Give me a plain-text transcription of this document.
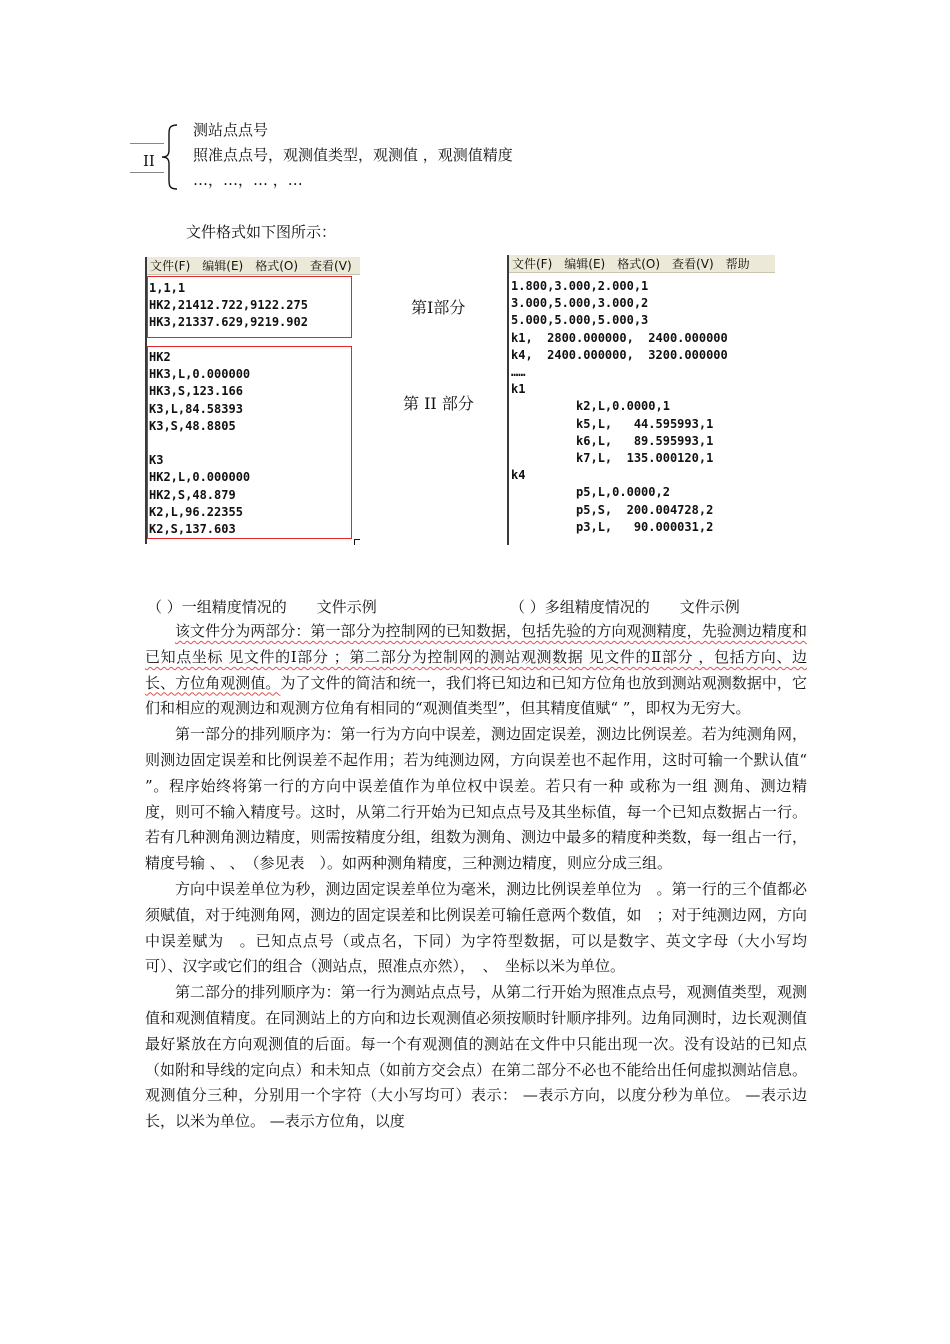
II
测站点点号
照准点点号，观测值类型，观测值 ，观测值精度
…，…，… ，…
文件格式如下图所示：
文件(F) 编辑(E) 格式(O) 查看(V)
1,1,1
HK2,21412.722,9122.275
HK3,21337.629,9219.902
HK2
HK3,L,0.000000
HK3,S,123.166
K3,L,84.58393
K3,S,48.8805

K3
HK2,L,0.000000
HK2,S,48.879
K2,L,96.22355
K2,S,137.603
第Ⅰ部分
第 II 部分
文件(F) 编辑(E) 格式(O) 查看(V) 帮助
1.800,3.000,2.000,1
3.000,5.000,3.000,2
5.000,5.000,5.000,3
k1,  2800.000000,  2400.000000
k4,  2400.000000,  3200.000000
……
k1
k2,L,0.0000,1
k5,L,   44.595993,1
k6,L,   89.595993,1
k7,L,  135.000120,1
k4
p5,L,0.0000,2
p5,S,  200.004728,2
p3,L,   90.000031,2
（ ）一组精度情况的　　文件示例	（ ）多组精度情况的　　文件示例

该文件分为两部分：第一部分为控制网的已知数据，包括先验的方向观测精度，先验测边精度和已知点坐标 见文件的Ⅰ部分 ；第二部分为控制网的测站观测数据 见文件的Ⅱ部分 ，包括方向、边长、方位角观测值。为了文件的简洁和统一，我们将已知边和已知方位角也放到测站观测数据中，它们和相应的观测边和观测方位角有相同的“观测值类型”，但其精度值赋“ ”，即权为无穷大。

第一部分的排列顺序为：第一行为方向中误差，测边固定误差，测边比例误差。若为纯测角网，则测边固定误差和比例误差不起作用；若为纯测边网，方向误差也不起作用，这时可输一个默认值“ ”。程序始终将第一行的方向中误差值作为单位权中误差。若只有一种 或称为一组 测角、测边精度，则可不输入精度号。这时，从第二行开始为已知点点号及其坐标值，每一个已知点数据占一行。若有几种测角测边精度，则需按精度分组，组数为测角、测边中最多的精度种类数，每一组占一行，精度号输 、 、　（参见表　）。如两种测角精度，三种测边精度，则应分成三组。

方向中误差单位为秒，测边固定误差单位为毫米，测边比例误差单位为　。第一行的三个值都必须赋值，对于纯测角网，测边的固定误差和比例误差可输任意两个数值，如　；对于纯测边网，方向中误差赋为　。已知点点号（或点名，下同）为字符型数据，可以是数字、英文字母（大小写均可）、汉字或它们的组合（测站点，照准点亦然），　、　坐标以米为单位。

第二部分的排列顺序为：第一行为测站点点号，从第二行开始为照准点点号，观测值类型，观测值和观测值精度。在同测站上的方向和边长观测值必须按顺时针顺序排列。边角同测时，边长观测值最好紧放在方向观测值的后面。每一个有观测值的测站在文件中只能出现一次。没有设站的已知点（如附和导线的定向点）和未知点（如前方交会点）在第二部分不必也不能给出任何虚拟测站信息。观测值分三种，分别用一个字符（大小写均可）表示： —表示方向，以度分秒为单位。 —表示边长，以米为单位。 —表示方位角，以度
